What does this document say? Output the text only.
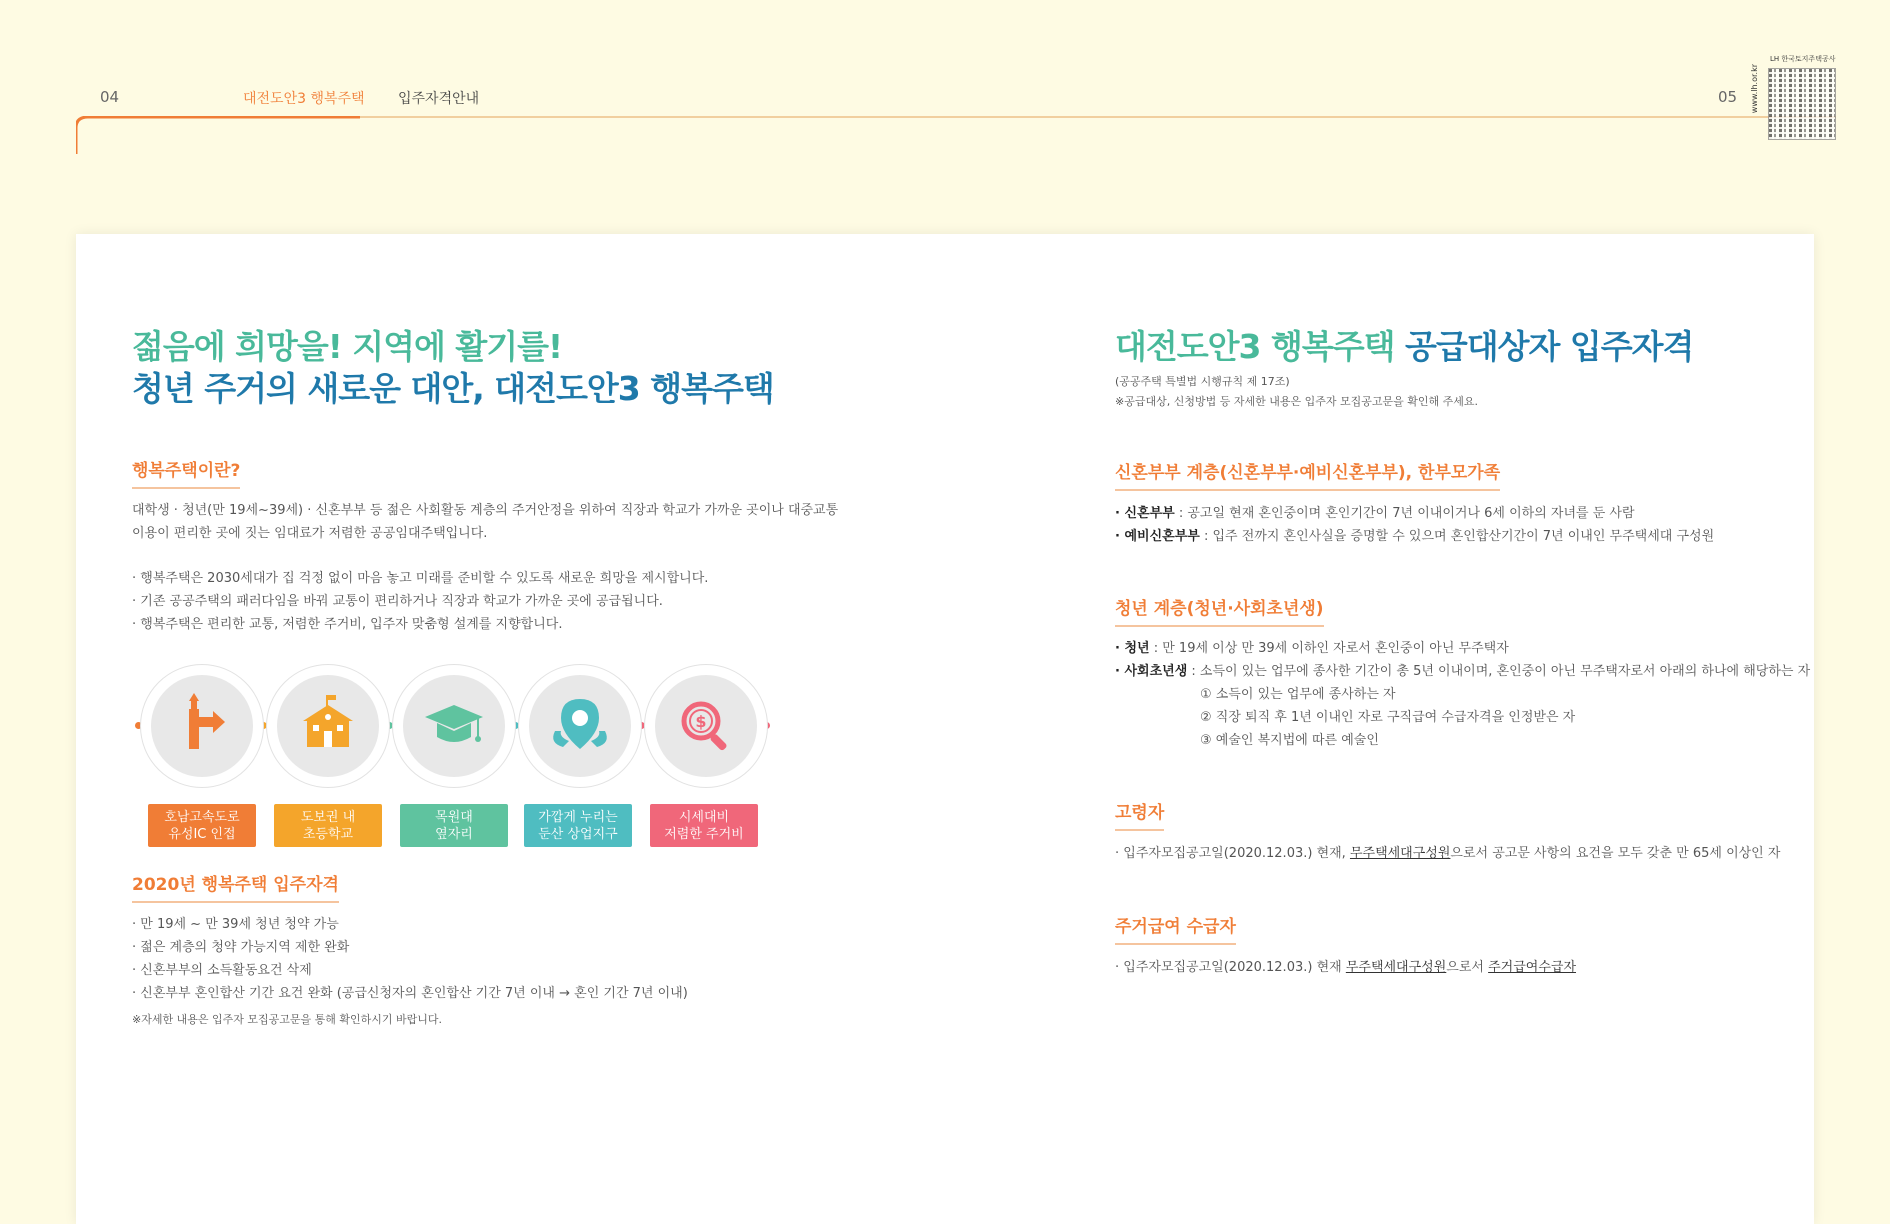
04	대전도안3 행복주택 입주자격안내	05 www.lh.or.kr
LH 한국토지주택공사
젊음에 희망을! 지역에 활기를!
청년 주거의 새로운 대안, 대전도안3 행복주택
행복주택이란?
대학생 · 청년(만 19세~39세) · 신혼부부 등 젊은 사회활동 계층의 주거안정을 위하여 직장과 학교가 가까운 곳이나 대중교통
이용이 편리한 곳에 짓는 임대료가 저렴한 공공임대주택입니다.
· 행복주택은 2030세대가 집 걱정 없이 마음 놓고 미래를 준비할 수 있도록 새로운 희망을 제시합니다.
· 기존 공공주택의 패러다임을 바꿔 교통이 편리하거나 직장과 학교가 가까운 곳에 공급됩니다.
· 행복주택은 편리한 교통, 저렴한 주거비, 입주자 맞춤형 설계를 지향합니다.
$
호남고속도로
유성IC 인접
도보권 내
초등학교
목원대
옆자리
가깝게 누리는
둔산 상업지구
시세대비
저렴한 주거비
2020년 행복주택 입주자격
· 만 19세 ~ 만 39세 청년 청약 가능
· 젊은 계층의 청약 가능지역 제한 완화
· 신혼부부의 소득활동요건 삭제
· 신혼부부 혼인합산 기간 요건 완화 (공급신청자의 혼인합산 기간 7년 이내 → 혼인 기간 7년 이내)
※자세한 내용은 입주자 모집공고문을 통해 확인하시기 바랍니다.
대전도안3 행복주택 공급대상자 입주자격
(공공주택 특별법 시행규칙 제 17조)
※공급대상, 신청방법 등 자세한 내용은 입주자 모집공고문을 확인해 주세요.
신혼부부 계층(신혼부부·예비신혼부부), 한부모가족
· 신혼부부 : 공고일 현재 혼인중이며 혼인기간이 7년 이내이거나 6세 이하의 자녀를 둔 사람
· 예비신혼부부 : 입주 전까지 혼인사실을 증명할 수 있으며 혼인합산기간이 7년 이내인 무주택세대 구성원
청년 계층(청년·사회초년생)
· 청년 : 만 19세 이상 만 39세 이하인 자로서 혼인중이 아닌 무주택자
· 사회초년생 : 소득이 있는 업무에 종사한 기간이 총 5년 이내이며, 혼인중이 아닌 무주택자로서 아래의 하나에 해당하는 자
① 소득이 있는 업무에 종사하는 자
② 직장 퇴직 후 1년 이내인 자로 구직급여 수급자격을 인정받은 자
③ 예술인 복지법에 따른 예술인
고령자
· 입주자모집공고일(2020.12.03.) 현재, 무주택세대구성원으로서 공고문 사항의 요건을 모두 갖춘 만 65세 이상인 자
주거급여 수급자
· 입주자모집공고일(2020.12.03.) 현재 무주택세대구성원으로서 주거급여수급자
